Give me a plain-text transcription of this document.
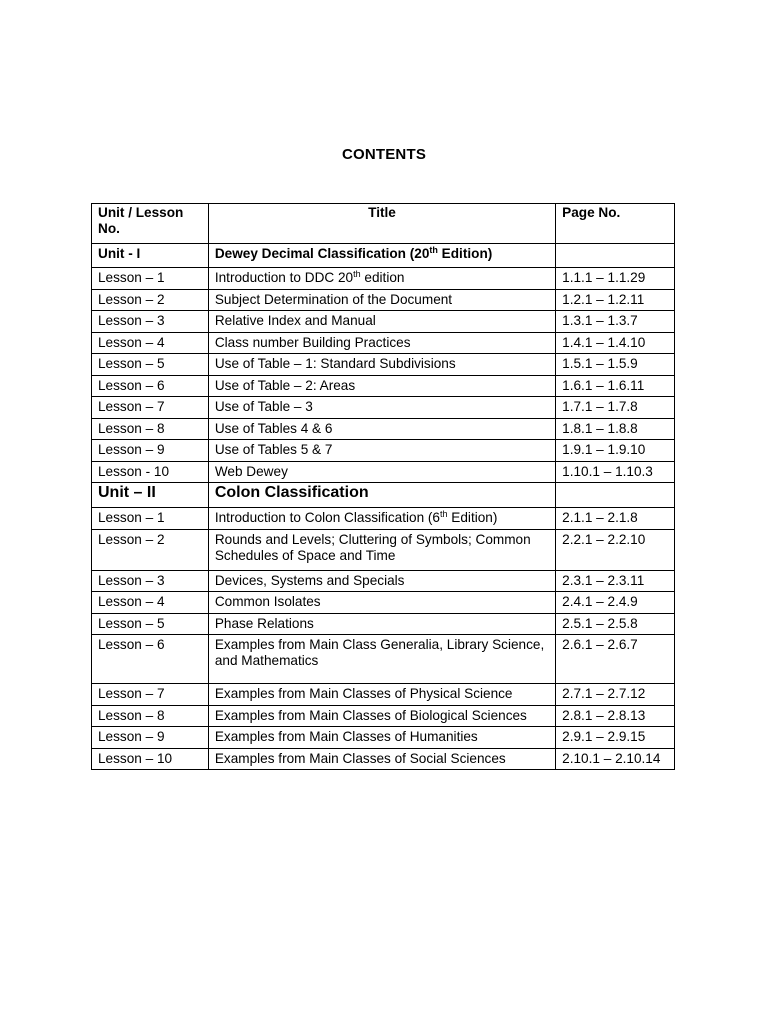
CONTENTS
Unit / Lesson No.	Title	Page No.
Unit - I	Dewey Decimal Classification (20th Edition)	
Lesson – 1	Introduction to DDC 20th edition	1.1.1 – 1.1.29
Lesson – 2	Subject Determination of the Document	1.2.1 – 1.2.11
Lesson – 3	Relative Index and Manual	1.3.1 – 1.3.7
Lesson – 4	Class number Building Practices	1.4.1 – 1.4.10
Lesson – 5	Use of Table – 1: Standard Subdivisions	1.5.1 – 1.5.9
Lesson – 6	Use of Table – 2: Areas	1.6.1 – 1.6.11
Lesson – 7	Use of Table – 3	1.7.1 – 1.7.8
Lesson – 8	Use of Tables 4 & 6	1.8.1 – 1.8.8
Lesson – 9	Use of Tables 5 & 7	1.9.1 – 1.9.10
Lesson - 10	Web Dewey	1.10.1 – 1.10.3
Unit – II	Colon Classification	
Lesson – 1	Introduction to Colon Classification (6th Edition)	2.1.1 – 2.1.8
Lesson – 2	Rounds and Levels; Cluttering of Symbols; Common Schedules of Space and Time	2.2.1 – 2.2.10
Lesson – 3	Devices, Systems and Specials	2.3.1 – 2.3.11
Lesson – 4	Common Isolates	2.4.1 – 2.4.9
Lesson – 5	Phase Relations	2.5.1 – 2.5.8
Lesson – 6	Examples from Main Class Generalia, Library Science, and Mathematics	2.6.1 – 2.6.7
Lesson – 7	Examples from Main Classes of Physical Science	2.7.1 – 2.7.12
Lesson – 8	Examples from Main Classes of Biological Sciences	2.8.1 – 2.8.13
Lesson – 9	Examples from Main Classes of Humanities	2.9.1 – 2.9.15
Lesson – 10	Examples from Main Classes of Social Sciences	2.10.1 – 2.10.14
